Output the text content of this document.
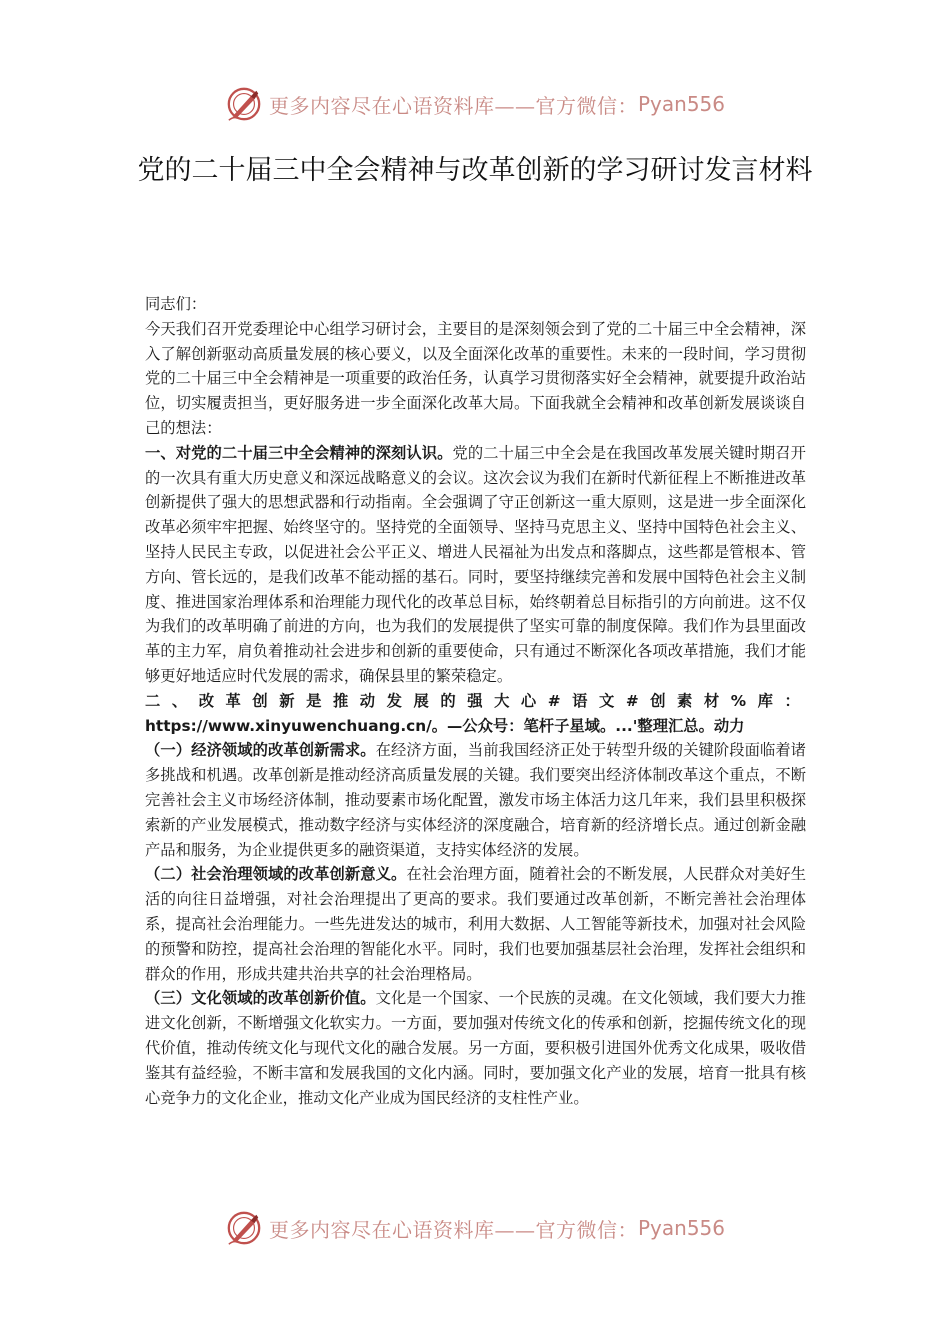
更多内容尽在心语资料库——官方微信： Pyan556
党的二十届三中全会精神与改革创新的学习研讨发言材料

同志们：

今天我们召开党委理论中心组学习研讨会，主要目的是深刻领会到了党的二十届三中全会精神，深入了解创新驱动高质量发展的核心要义，以及全面深化改革的重要性。未来的一段时间，学习贯彻党的二十届三中全会精神是一项重要的政治任务，认真学习贯彻落实好全会精神，就要提升政治站位，切实履责担当，更好服务进一步全面深化改革大局。下面我就全会精神和改革创新发展谈谈自己的想法：

一、对党的二十届三中全会精神的深刻认识。党的二十届三中全会是在我国改革发展关键时期召开的一次具有重大历史意义和深远战略意义的会议。这次会议为我们在新时代新征程上不断推进改革创新提供了强大的思想武器和行动指南。全会强调了守正创新这一重大原则，这是进一步全面深化改革必须牢牢把握、始终坚守的。坚持党的全面领导、坚持马克思主义、坚持中国特色社会主义、坚持人民民主专政，以促进社会公平正义、增进人民福祉为出发点和落脚点，这些都是管根本、管方向、管长远的，是我们改革不能动摇的基石。同时，要坚持继续完善和发展中国特色社会主义制度、推进国家治理体系和治理能力现代化的改革总目标，始终朝着总目标指引的方向前进。这不仅为我们的改革明确了前进的方向，也为我们的发展提供了坚实可靠的制度保障。我们作为县里面改革的主力军，肩负着推动社会进步和创新的重要使命，只有通过不断深化各项改革措施，我们才能够更好地适应时代发展的需求，确保县里的繁荣稳定。

二、改革创新是推动发展的强大心#语文#创素材%库： https://www.xinyuwenchuang.cn/。—公众号：笔杆子星域。...'整理汇总。动力

（一）经济领域的改革创新需求。在经济方面，当前我国经济正处于转型升级的关键阶段面临着诸多挑战和机遇。改革创新是推动经济高质量发展的关键。我们要突出经济体制改革这个重点，不断完善社会主义市场经济体制，推动要素市场化配置，激发市场主体活力这几年来，我们县里积极探索新的产业发展模式，推动数字经济与实体经济的深度融合，培育新的经济增长点。通过创新金融产品和服务，为企业提供更多的融资渠道，支持实体经济的发展。

（二）社会治理领域的改革创新意义。在社会治理方面，随着社会的不断发展，人民群众对美好生活的向往日益增强，对社会治理提出了更高的要求。我们要通过改革创新，不断完善社会治理体系，提高社会治理能力。一些先进发达的城市，利用大数据、人工智能等新技术，加强对社会风险的预警和防控，提高社会治理的智能化水平。同时，我们也要加强基层社会治理，发挥社会组织和群众的作用，形成共建共治共享的社会治理格局。

（三）文化领域的改革创新价值。文化是一个国家、一个民族的灵魂。在文化领域，我们要大力推进文化创新，不断增强文化软实力。一方面，要加强对传统文化的传承和创新，挖掘传统文化的现代价值，推动传统文化与现代文化的融合发展。另一方面，要积极引进国外优秀文化成果，吸收借鉴其有益经验，不断丰富和发展我国的文化内涵。同时，要加强文化产业的发展，培育一批具有核心竞争力的文化企业，推动文化产业成为国民经济的支柱性产业。

更多内容尽在心语资料库——官方微信： Pyan556
